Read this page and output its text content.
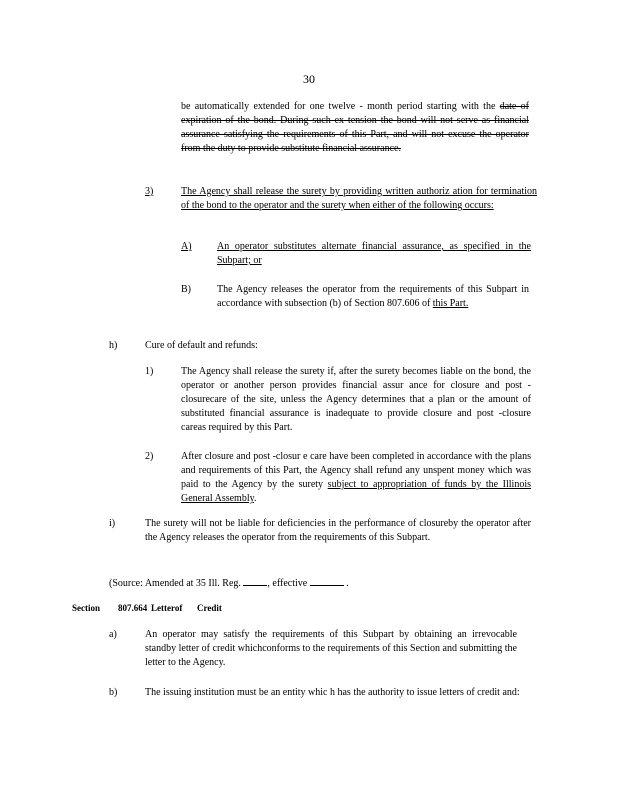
30
be automatically extended for one twelve - month period starting with the date of expiration of the bond. During such ex tension the bond will not serve as financial assurance satisfying the requirements of this Part, and will not excuse the operator from the duty to provide substitute financial assurance.
3)	The Agency shall release the surety by providing written authoriz ation for termination of the bond to the operator and the surety when either of the following occurs:
A)	An operator substitutes alternate financial assurance, as specified in the Subpart; or
B)	The Agency releases the operator from the requirements of this Subpart in accordance with subsection (b) of Section 807.606 of this Part.
h)	Cure of default and refunds:
1)	The Agency shall release the surety if, after the surety becomes liable on the bond, the operator or another person provides financial assur ance for closure and post -closurecare of the site, unless the Agency determines that a plan or the amount of substituted financial assurance is inadequate to provide closure and post -closure careas required by this Part.
2)	After closure and post -closur e care have been completed in accordance with the plans and requirements of this Part, the Agency shall refund any unspent money which was paid to the Agency by the surety subject to appropriation of funds by the Illinois General Assembly.
i)	The surety will not be liable for deficiencies in the performance of closureby the operator after the Agency releases the operator from the requirements of this Subpart.
(Source: Amended at 35 Ill. Reg.	, effective	.
Section 807.664 Letterof Credit
a)	An operator may satisfy the requirements of this Subpart by obtaining an irrevocable standby letter of credit whichconforms to the requirements of this Section and submitting the letter to the Agency.
b)	The issuing institution must be an entity whic h has the authority to issue letters of credit and:
